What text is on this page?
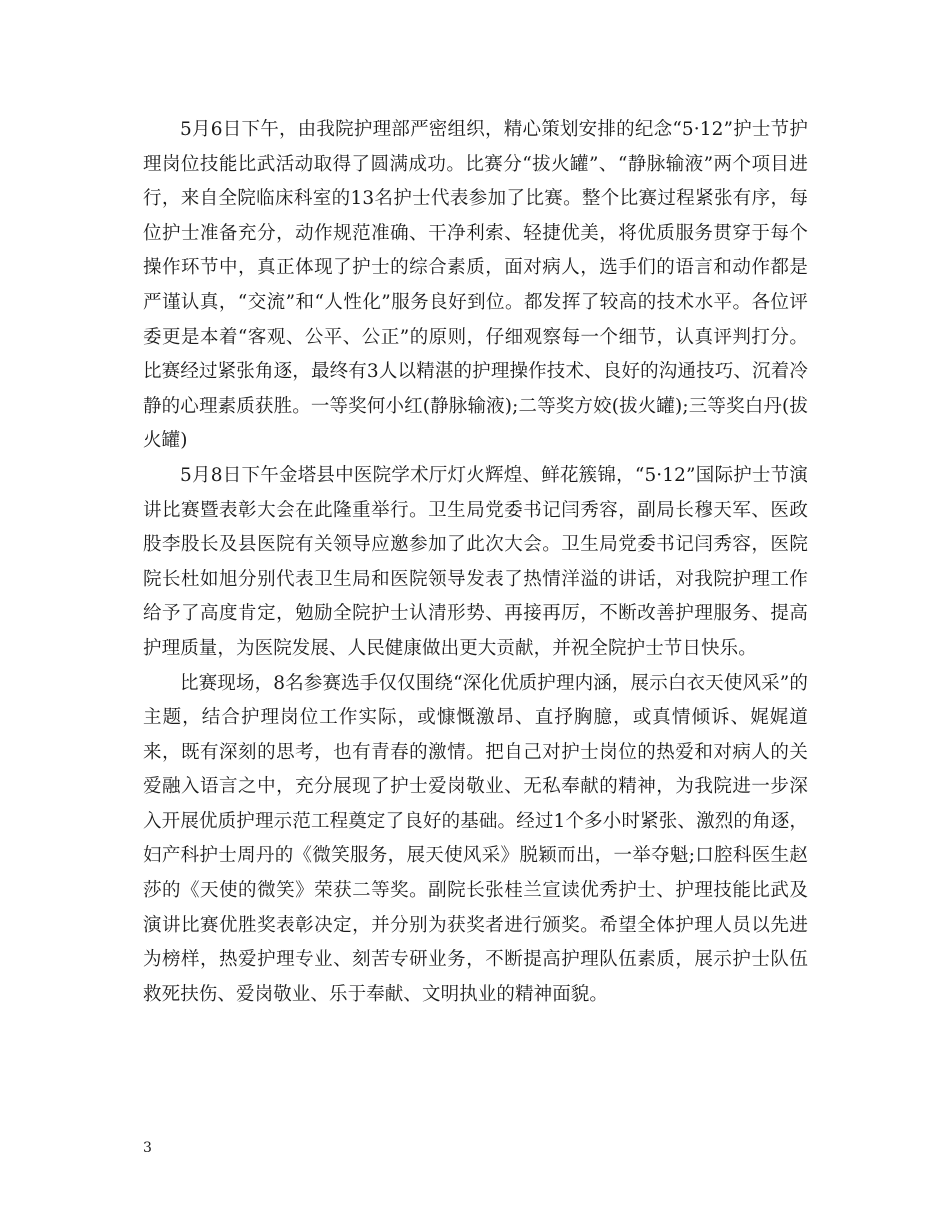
5月6日下午，由我院护理部严密组织，精心策划安排的纪念“5·12”护士节护理岗位技能比武活动取得了圆满成功。比赛分“拔火罐”、“静脉输液”两个项目进行，来自全院临床科室的13名护士代表参加了比赛。整个比赛过程紧张有序，每位护士准备充分，动作规范准确、干净利索、轻捷优美，将优质服务贯穿于每个操作环节中，真正体现了护士的综合素质，面对病人，选手们的语言和动作都是严谨认真，“交流”和“人性化”服务良好到位。都发挥了较高的技术水平。各位评委更是本着“客观、公平、公正”的原则，仔细观察每一个细节，认真评判打分。比赛经过紧张角逐，最终有3人以精湛的护理操作技术、良好的沟通技巧、沉着冷静的心理素质获胜。一等奖何小红(静脉输液);二等奖方姣(拔火罐);三等奖白丹(拔火罐)

5月8日下午金塔县中医院学术厅灯火辉煌、鲜花簇锦，“5·12”国际护士节演讲比赛暨表彰大会在此隆重举行。卫生局党委书记闫秀容，副局长穆天军、医政股李股长及县医院有关领导应邀参加了此次大会。卫生局党委书记闫秀容，医院院长杜如旭分别代表卫生局和医院领导发表了热情洋溢的讲话，对我院护理工作给予了高度肯定，勉励全院护士认清形势、再接再厉，不断改善护理服务、提高护理质量，为医院发展、人民健康做出更大贡献，并祝全院护士节日快乐。

比赛现场，8名参赛选手仅仅围绕“深化优质护理内涵，展示白衣天使风采”的主题，结合护理岗位工作实际，或慷慨激昂、直抒胸臆，或真情倾诉、娓娓道来，既有深刻的思考，也有青春的激情。把自己对护士岗位的热爱和对病人的关爱融入语言之中，充分展现了护士爱岗敬业、无私奉献的精神，为我院进一步深入开展优质护理示范工程奠定了良好的基础。经过1个多小时紧张、激烈的角逐，妇产科护士周丹的《微笑服务，展天使风采》脱颖而出，一举夺魁;口腔科医生赵莎的《天使的微笑》荣获二等奖。副院长张桂兰宣读优秀护士、护理技能比武及演讲比赛优胜奖表彰决定，并分别为获奖者进行颁奖。希望全体护理人员以先进为榜样，热爱护理专业、刻苦专研业务，不断提高护理队伍素质，展示护士队伍救死扶伤、爱岗敬业、乐于奉献、文明执业的精神面貌。

3
